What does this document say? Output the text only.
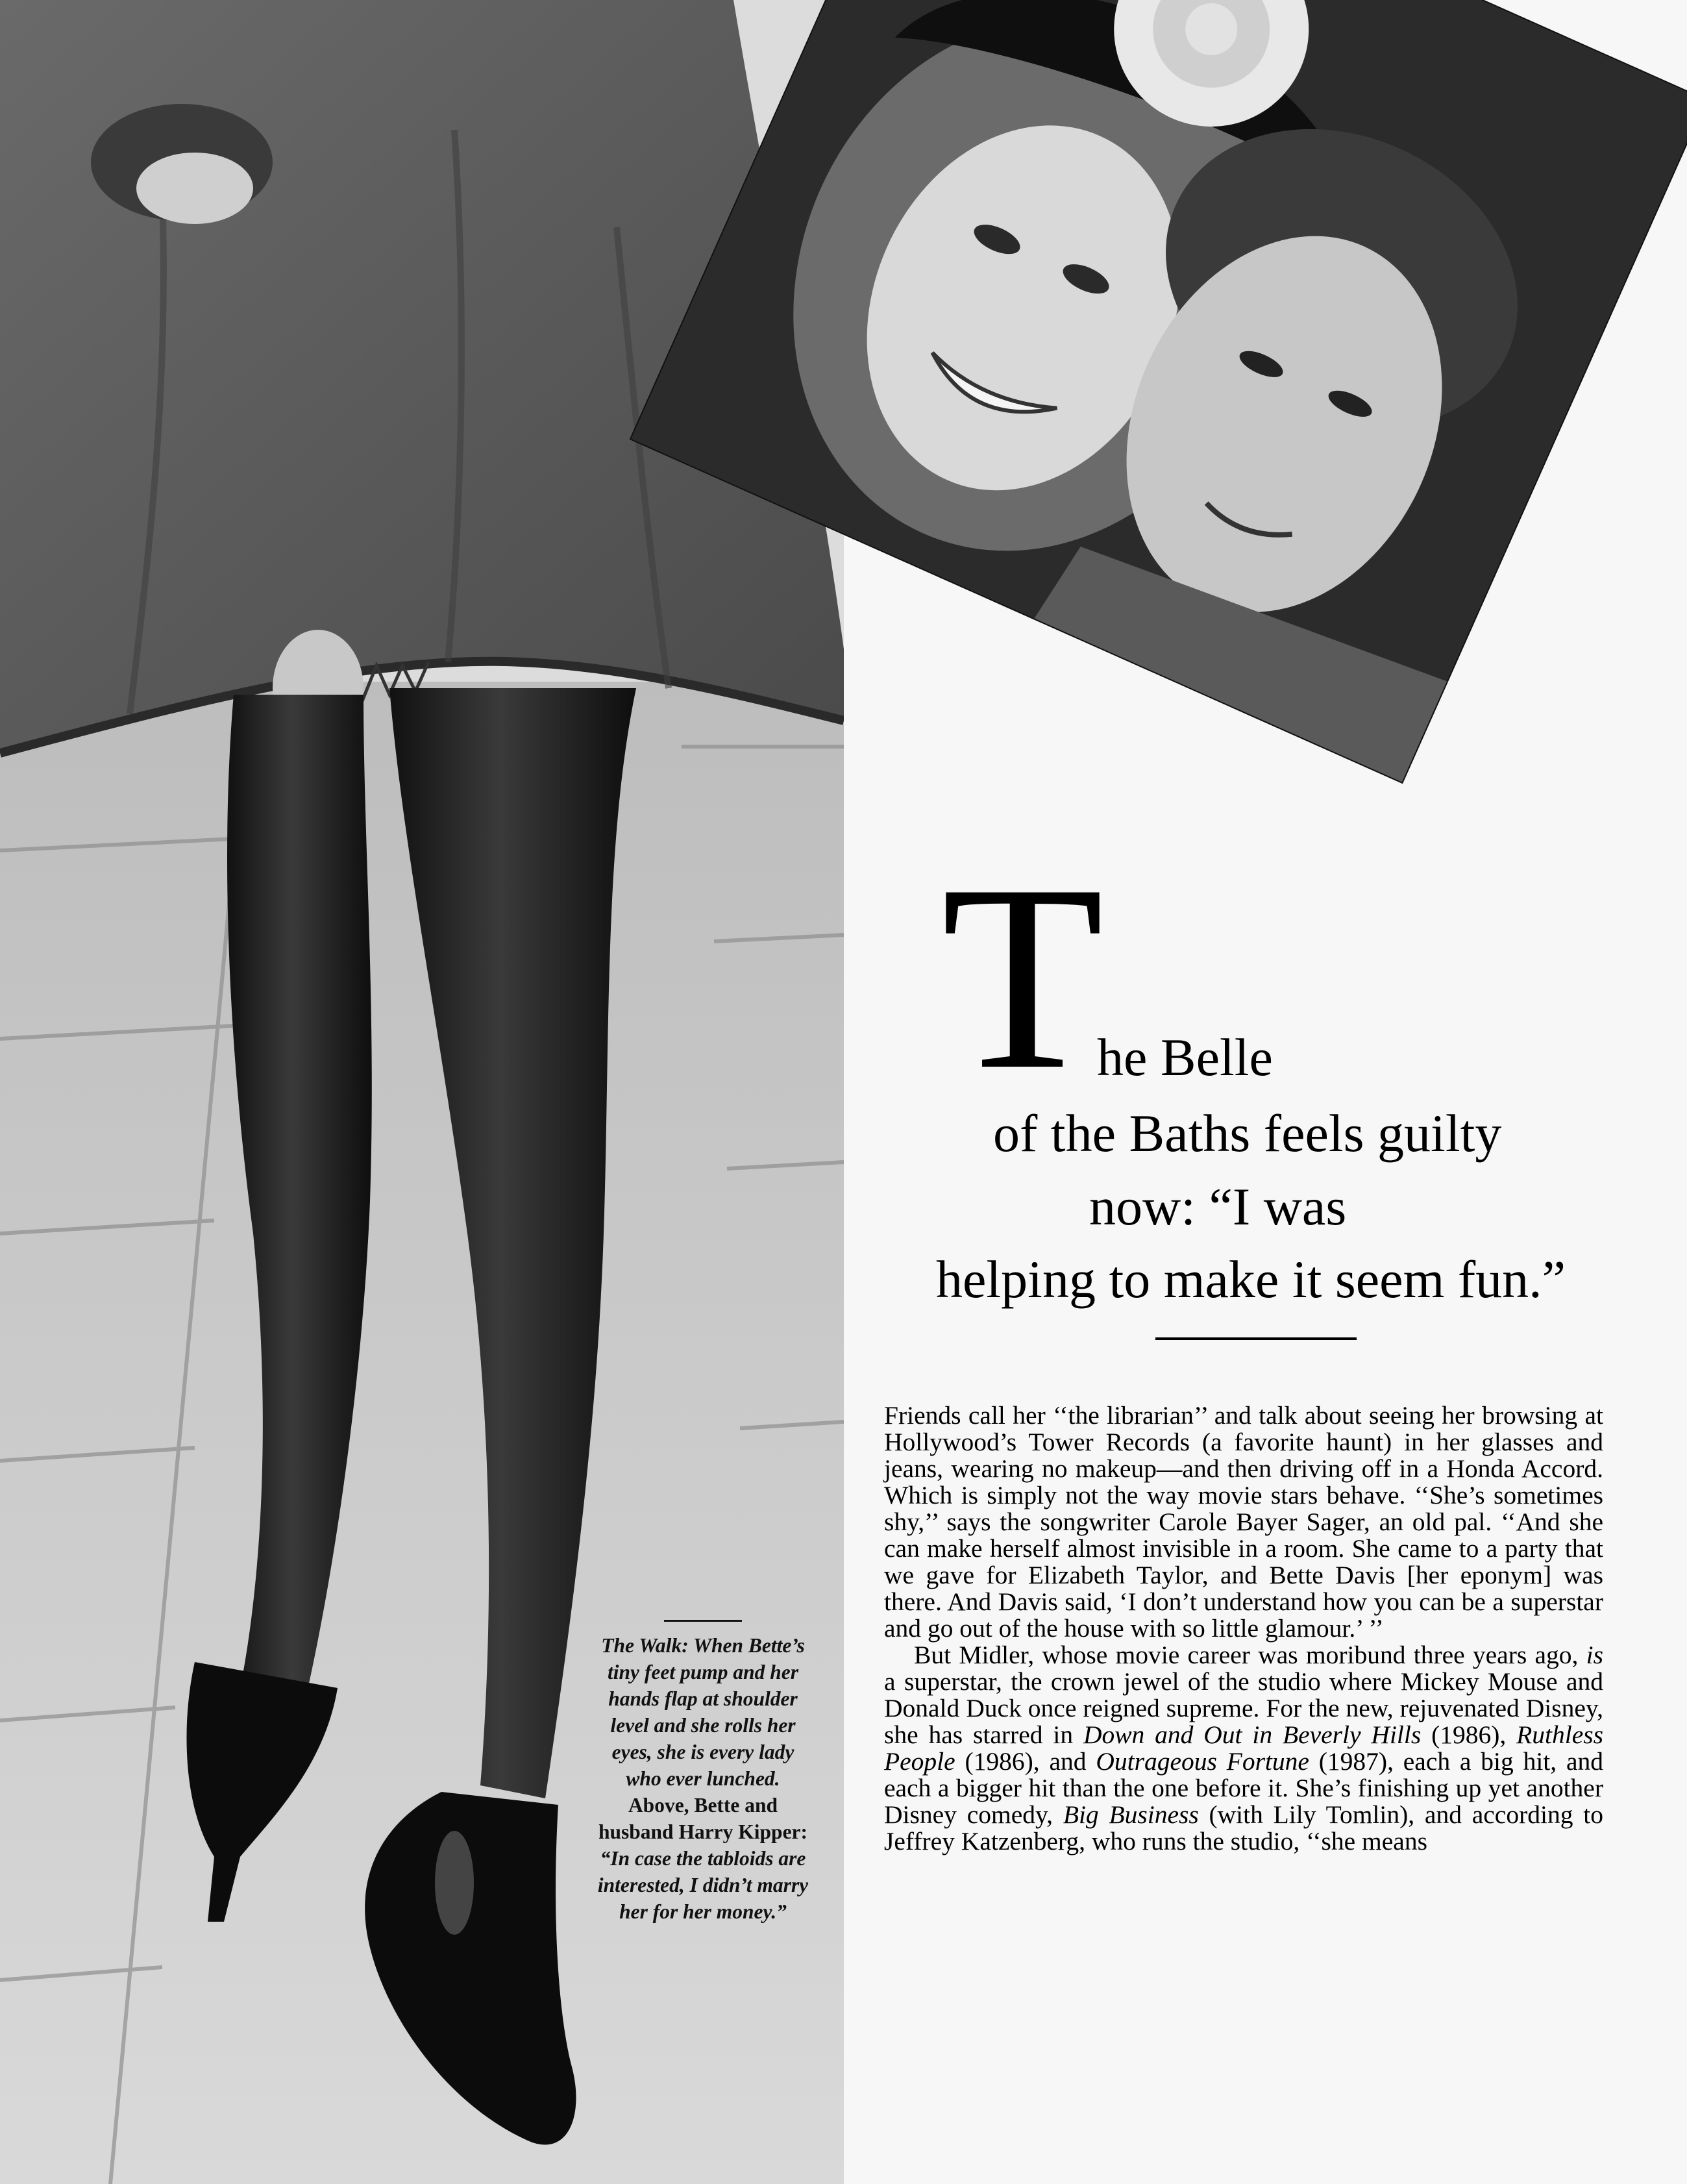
T
he Belle
of the Baths feels guilty
now: “I was
helping to make it seem fun.”
The Walk: When Bette’s tiny feet pump and her hands flap at shoulder level and she rolls her eyes, she is every lady who ever lunched. Above, Bette and husband Harry Kipper: “In case the tabloids are interested, I didn’t marry her for her money.”

Friends call her ‘‘the librarian’’ and talk about seeing her browsing at Hollywood’s Tower Records (a favorite haunt) in her glasses and jeans, wearing no makeup—and then driving off in a Honda Accord. Which is simply not the way movie stars behave. ‘‘She’s sometimes shy,’’ says the songwriter Carole Bayer Sager, an old pal. ‘‘And she can make herself almost invisible in a room. She came to a party that we gave for Elizabeth Taylor, and Bette Davis [her eponym] was there. And Davis said, ‘I don’t understand how you can be a superstar and go out of the house with so little glamour.’ ’’

But Midler, whose movie career was moribund three years ago, is a superstar, the crown jewel of the studio where Mickey Mouse and Donald Duck once reigned supreme. For the new, rejuvenated Disney, she has starred in Down and Out in Beverly Hills (1986), Ruthless People (1986), and Outrageous Fortune (1987), each a big hit, and each a bigger hit than the one before it. She’s finishing up yet another Disney comedy, Big Business (with Lily Tomlin), and according to Jeffrey Katzenberg, who runs the studio, ‘‘she means
